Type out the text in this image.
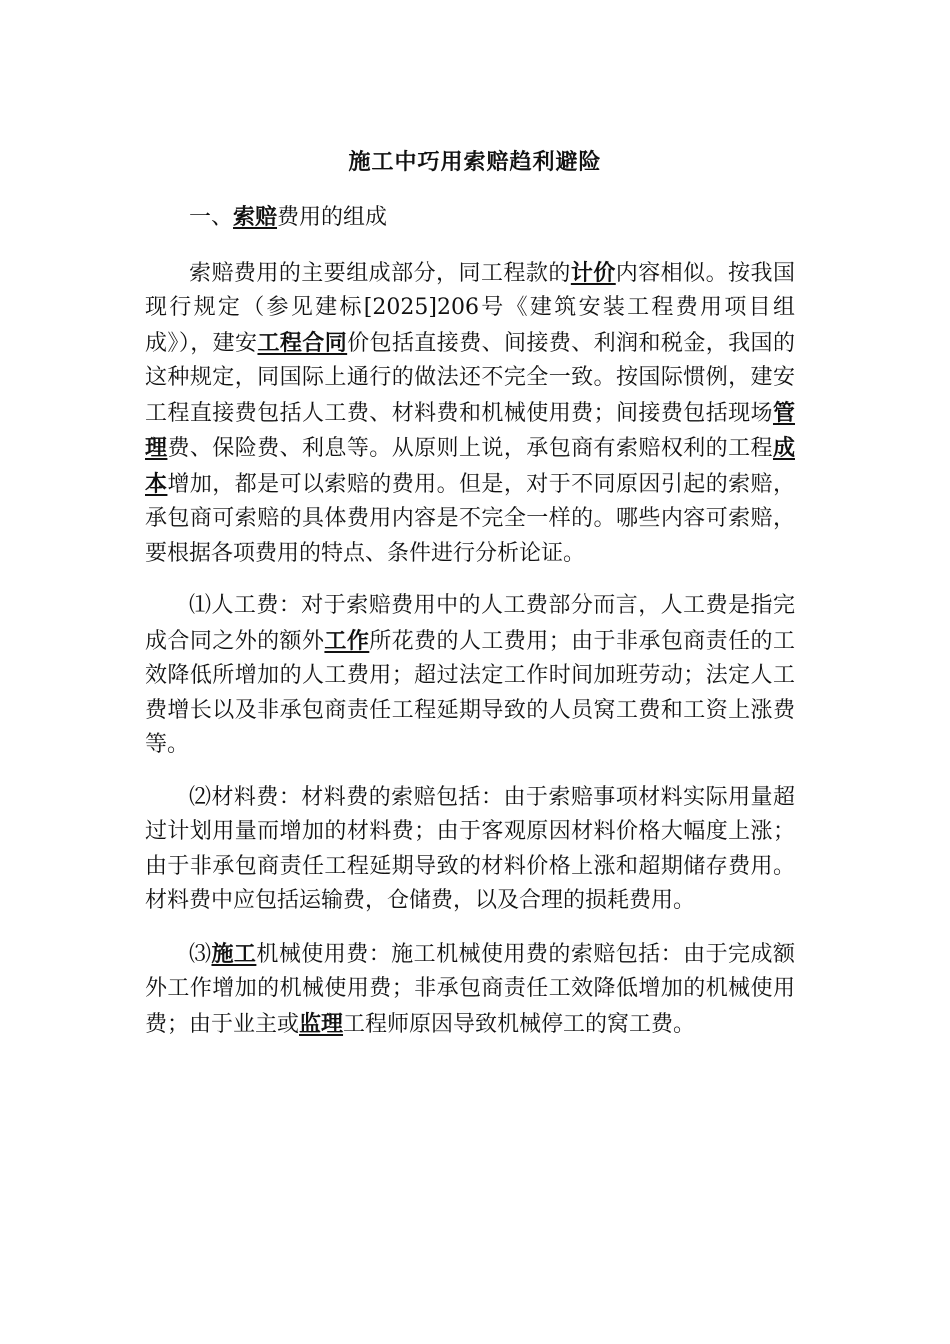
施工中巧用索赔趋利避险

一、索赔费用的组成

索赔费用的主要组成部分，同工程款的计价内容相似。按我国现行规定（参见建标[2025]206号《建筑安装工程费用项目组成》），建安工程合同价包括直接费、间接费、利润和税金，我国的这种规定，同国际上通行的做法还不完全一致。按国际惯例，建安工程直接费包括人工费、材料费和机械使用费；间接费包括现场管理费、保险费、利息等。从原则上说，承包商有索赔权利的工程成本增加，都是可以索赔的费用。但是，对于不同原因引起的索赔，承包商可索赔的具体费用内容是不完全一样的。哪些内容可索赔，要根据各项费用的特点、条件进行分析论证。

⑴人工费：对于索赔费用中的人工费部分而言，人工费是指完成合同之外的额外工作所花费的人工费用；由于非承包商责任的工效降低所增加的人工费用；超过法定工作时间加班劳动；法定人工费增长以及非承包商责任工程延期导致的人员窝工费和工资上涨费等。

⑵材料费：材料费的索赔包括：由于索赔事项材料实际用量超过计划用量而增加的材料费；由于客观原因材料价格大幅度上涨；由于非承包商责任工程延期导致的材料价格上涨和超期储存费用。材料费中应包括运输费，仓储费，以及合理的损耗费用。

⑶施工机械使用费：施工机械使用费的索赔包括：由于完成额外工作增加的机械使用费；非承包商责任工效降低增加的机械使用费；由于业主或监理工程师原因导致机械停工的窝工费。
